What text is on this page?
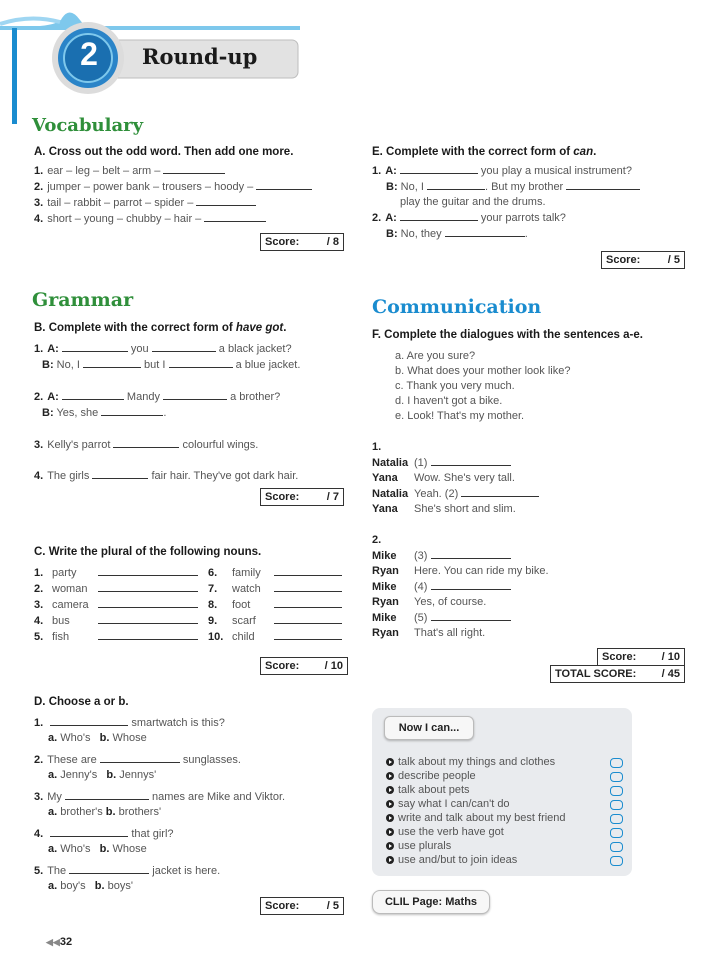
2	Round-up
Vocabulary
A. Cross out the odd word. Then add one more.
1. ear – leg – belt – arm –
2. jumper – power bank – trousers – hoody –
3. tail – rabbit – parrot – spider –
4. short – young – chubby – hair –
Score:	/ 8
E. Complete with the correct form of can.
1. A:	you play a musical instrument?
B: No, I	. But my brother
play the guitar and the drums.
2. A:	your parrots talk?
B: No, they	.
Score:	/ 5
Grammar
B. Complete with the correct form of have got.
1. A:	you	a black jacket?
B: No, I	but I	a blue jacket.
2. A:	Mandy	a brother?
B: Yes, she	.
3. Kelly's parrot	colourful wings.
4. The girls	fair hair. They've got dark hair.
Score:	/ 7
Communication
F. Complete the dialogues with the sentences a-e.
a. Are you sure?
b. What does your mother look like?
c. Thank you very much.
d. I haven't got a bike.
e. Look! That's my mother.
1.
Natalia (1)
Yana Wow. She's very tall.
Natalia Yeah. (2)
Yana She's short and slim.
2.
Mike (3)
Ryan Here. You can ride my bike.
Mike (4)
Ryan Yes, of course.
Mike (5)
Ryan That's all right.
Score: / 10
TOTAL SCORE: / 45
C. Write the plural of the following nouns.
1. party
2. woman
3. camera
4. bus
5. fish
6. family
7. watch
8. foot
9. scarf
10. child
Score: / 10
D. Choose a or b.
1.	smartwatch is this?
a. Who's b. Whose
2. These are	sunglasses.
a. Jenny's b. Jennys'
3. My	names are Mike and Viktor.
a. brother's b. brothers'
4.	that girl?
a. Who's b. Whose
5. The	jacket is here.
a. boy's b. boys'
Score:	/ 5
Now I can...
talk about my things and clothes
describe people
talk about pets
say what I can/can't do
write and talk about my best friend
use the verb have got
use plurals
use and/but to join ideas
CLIL Page: Maths
◀◀32
